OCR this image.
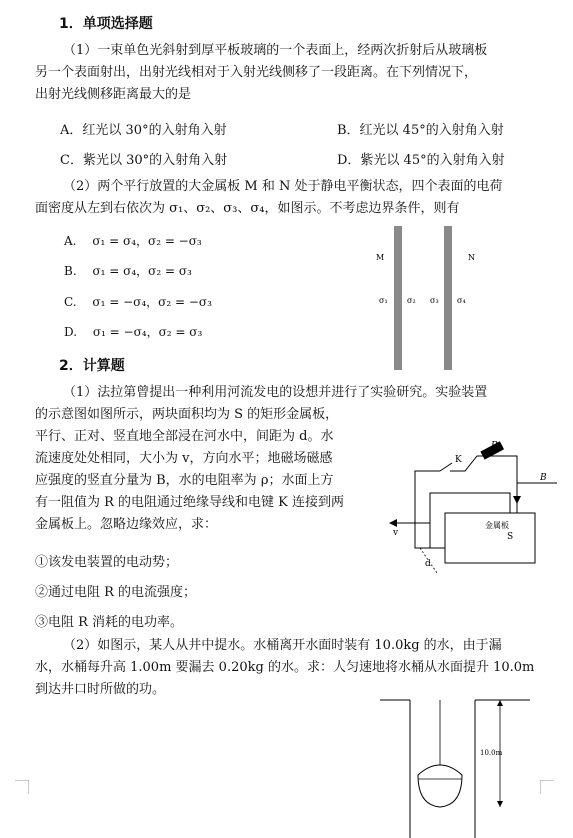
1．单项选择题
（1）一束单色光斜射到厚平板玻璃的一个表面上，经两次折射后从玻璃板
另一个表面射出，出射光线相对于入射光线侧移了一段距离。在下列情况下，
出射光线侧移距离最大的是
A．红光以 30°的入射角入射	B．红光以 45°的入射角入射
C．紫光以 30°的入射角入射	D．紫光以 45°的入射角入射
（2）两个平行放置的大金属板 M 和 N 处于静电平衡状态，四个表面的电荷
面密度从左到右依次为 σ₁、σ₂、σ₃、σ₄，如图示。不考虑边界条件，则有
A. σ₁ = σ₄，σ₂ = −σ₃
B. σ₁ = σ₄，σ₂ = σ₃
C. σ₁ = −σ₄，σ₂ = −σ₃
D. σ₁ = −σ₄，σ₂ = σ₃
M	N
σ₁ σ₂ σ₃ σ₄
2．计算题
（1）法拉第曾提出一种利用河流发电的设想并进行了实验研究。实验装置
的示意图如图所示，两块面积均为 S 的矩形金属板，
平行、正对、竖直地全部浸在河水中，间距为 d。水
流速度处处相同，大小为 v，方向水平；地磁场磁感
应强度的竖直分量为 B，水的电阻率为 ρ；水面上方
有一阻值为 R 的电阻通过绝缘导线和电键 K 连接到两
金属板上。忽略边缘效应，求：
①该发电装置的电动势；
②通过电阻 R 的电流强度；
③电阻 R 消耗的电功率。
K
R
B
v
d
金属板
S
（2）如图示，某人从井中提水。水桶离开水面时装有 10.0kg 的水，由于漏
水，水桶每升高 1.00m 要漏去 0.20kg 的水。求：人匀速地将水桶从水面提升 10.0m
到达井口时所做的功。
10.0m
